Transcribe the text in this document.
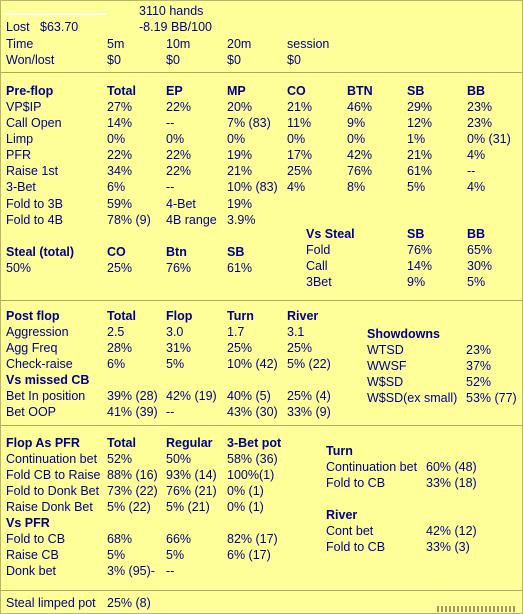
3110 hands
Lost $63.70	-8.19 BB/100
Time	5m	10m	20m	session
Won/lost	$0	$0	$0	$0
Fold to 3B	59%	4-Bet 19%
Fold to 4B	78% (9) 4B range 3.9%
Vs Steal	SB	BB
Steal (total)	CO	Btn	SB
50%	25%	76%	61%
Vs missed CB
Showdowns
Vs PFR
Turn
River
Steal limped pot 25% (8)
Pre-flop	Total EP	MP	CO	BTN	SB	BB
VP$IP	27%	22%	20%	21%	46%	29%	23%
Call Open	14%	--	7% (83) 11%	9%	12%	23%
Limp	0%	0%	0%	0%	0%	1%	0% (31)
PFR	22%	22%	19%	17%	42%	21%	4%
Raise 1st	34%	22%	21%	25%	76%	61%	--
3-Bet	6%	--	10% (83) 4%	8%	5%	4%
Fold	76%	65%
Call	14%	30%
3Bet	9%	5%
Post flop	Total Flop	Turn	River
Aggression	2.5	3.0	1.7	3.1
Agg Freq	28%	31%	25%	25%
Check-raise	6%	5%	10% (42) 5% (22)
Bet In position 39% (28) 42% (19) 40% (5) 25% (4)
Bet OOP	41% (39) --	43% (30) 33% (9)
WTSD	23%
WWSF	37%
W$SD	52%
W$SD(ex small) 53% (77)
Flop As PFR Total Regular 3-Bet pot
Continuation bet 52%	50%	58% (36)
Fold CB to Raise 88% (16) 93% (14) 100%(1)
Fold to Donk Bet 73% (22) 76% (21) 0% (1)
Raise Donk Bet 5% (22) 5% (21) 0% (1)
Fold to CB	68%	66%	82% (17)
Raise CB	5%	5%	6% (17)
Donk bet	3% (95)- --
Continuation bet 60% (48)
Fold to CB	33% (18)
Cont bet	42% (12)
Fold to CB	33% (3)
